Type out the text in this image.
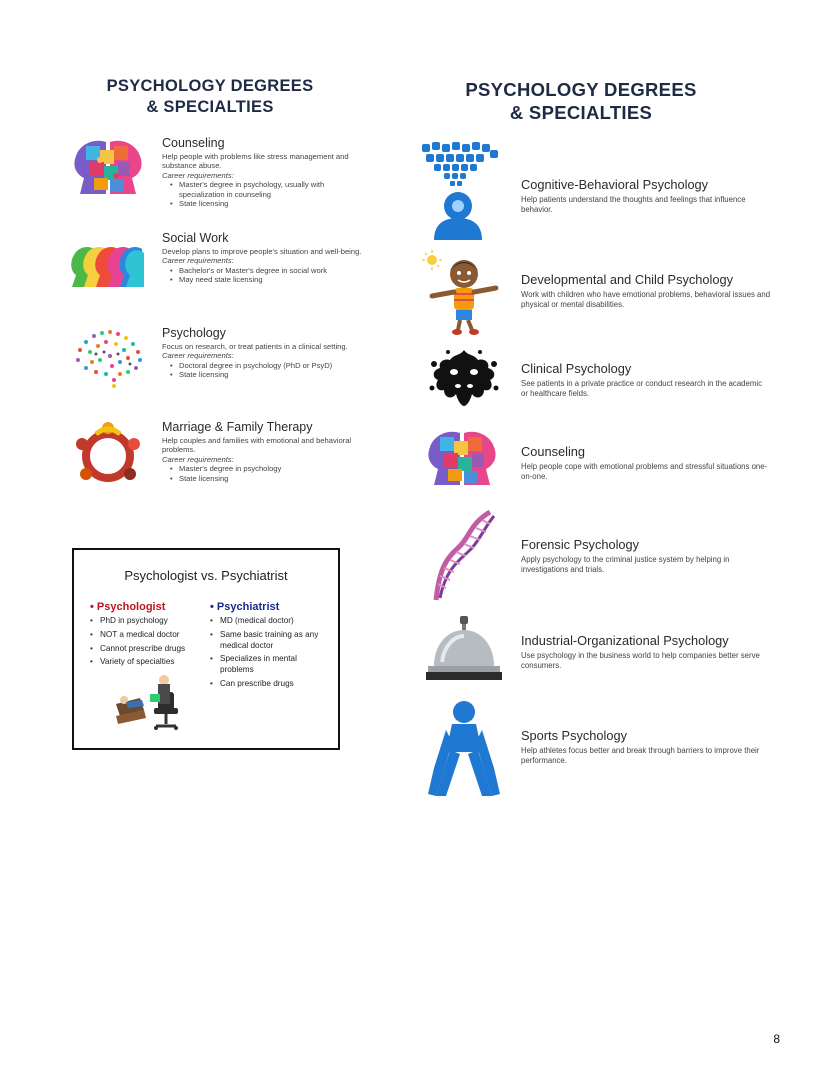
PSYCHOLOGY DEGREES
& SPECIALTIES
PSYCHOLOGY DEGREES
& SPECIALTIES
Counseling
Help people with problems like stress management and substance abuse.
Career requirements:
• Master's degree in psychology, usually with specialization in counseling
• State licensing
Social Work
Develop plans to improve people's situation and well-being.
Career requirements:
• Bachelor's or Master's degree in social work
• May need state licensing
Psychology
Focus on research, or treat patients in a clinical setting.
Career requirements:
• Doctoral degree in psychology (PhD or PsyD)
• State licensing
Marriage & Family Therapy
Help couples and families with emotional and behavioral problems.
Career requirements:
• Master's degree in psychology
• State licensing
Psychologist vs. Psychiatrist
• Psychologist
• PhD in psychology
• NOT a medical doctor
• Cannot prescribe drugs
• Variety of specialties
• Psychiatrist
• MD (medical doctor)
• Same basic training as any medical doctor
• Specializes in mental problems
• Can prescribe drugs
Cognitive-Behavioral Psychology
Help patients understand the thoughts and feelings that influence behavior.
Developmental and Child Psychology
Work with children who have emotional problems, behavioral issues and physical or mental disabilities.
Clinical Psychology
See patients in a private practice or conduct research in the academic or healthcare fields.
Counseling
Help people cope with emotional problems and stressful situations one-on-one.
Forensic Psychology
Apply psychology to the criminal justice system by helping in investigations and trials.
Industrial-Organizational Psychology
Use psychology in the business world to help companies better serve consumers.
Sports Psychology
Help athletes focus better and break through barriers to improve their performance.
8
